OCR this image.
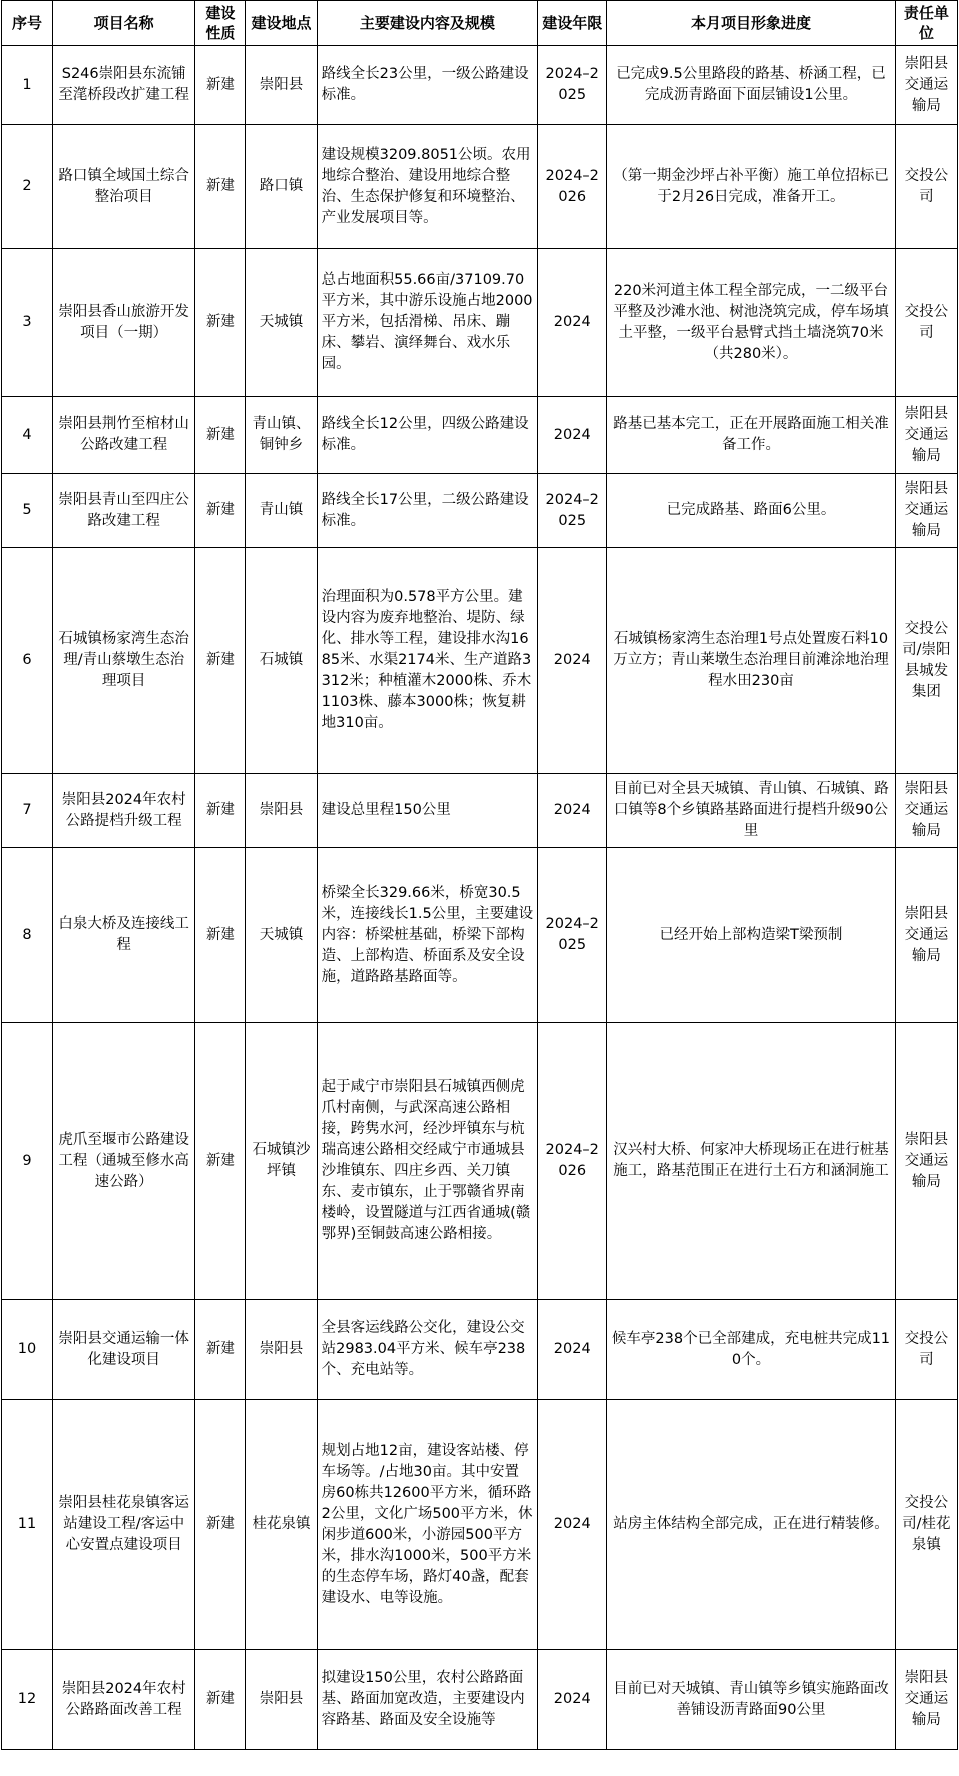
序号	项目名称	建设性质	建设地点	主要建设内容及规模	建设年限	本月项目形象进度	责任单位
1	S246崇阳县东流铺至滗桥段改扩建工程	新建	崇阳县	路线全长23公里，一级公路建设标准。	2024–2025	已完成9.5公里路段的路基、桥涵工程，已完成沥青路面下面层铺设1公里。	崇阳县交通运输局
2	路口镇全域国土综合整治项目	新建	路口镇	建设规模3209.8051公顷。农用地综合整治、建设用地综合整治、生态保护修复和环境整治、产业发展项目等。	2024–2026	（第一期金沙坪占补平衡）施工单位招标已于2月26日完成，准备开工。	交投公司
3	崇阳县香山旅游开发项目（一期）	新建	天城镇	总占地面积55.66亩/37109.70平方米，其中游乐设施占地2000平方米，包括滑梯、吊床、蹦床、攀岩、演绎舞台、戏水乐园。	2024	220米河道主体工程全部完成，一二级平台平整及沙滩水池、树池浇筑完成，停车场填土平整，一级平台悬臂式挡土墙浇筑70米（共280米）。	交投公司
4	崇阳县荆竹至棺材山公路改建工程	新建	青山镇、铜钟乡	路线全长12公里，四级公路建设标准。	2024	路基已基本完工，正在开展路面施工相关准备工作。	崇阳县交通运输局
5	崇阳县青山至四庄公路改建工程	新建	青山镇	路线全长17公里，二级公路建设标准。	2024–2025	已完成路基、路面6公里。	崇阳县交通运输局
6	石城镇杨家湾生态治理/青山蔡墩生态治理项目	新建	石城镇	治理面积为0.578平方公里。建设内容为废弃地整治、堤防、绿化、排水等工程，建设排水沟1685米、水渠2174米、生产道路3312米；种植灌木2000株、乔木1103株、藤本3000株；恢复耕地310亩。	2024	石城镇杨家湾生态治理1号点处置废石料10万立方；青山莱墩生态治理目前滩涂地治理程水田230亩	交投公司/崇阳县城发集团
7	崇阳县2024年农村公路提档升级工程	新建	崇阳县	建设总里程150公里	2024	目前已对全县天城镇、青山镇、石城镇、路口镇等8个乡镇路基路面进行提档升级90公里	崇阳县交通运输局
8	白泉大桥及连接线工程	新建	天城镇	桥梁全长329.66米，桥宽30.5米，连接线长1.5公里，主要建设内容：桥梁桩基础，桥梁下部构造、上部构造、桥面系及安全设施，道路路基路面等。	2024–2025	已经开始上部构造梁T梁预制	崇阳县交通运输局
9	虎爪至堰市公路建设工程（通城至修水高速公路）	新建	石城镇沙坪镇	起于咸宁市崇阳县石城镇西侧虎爪村南侧，与武深高速公路相接，跨隽水河，经沙坪镇东与杭瑞高速公路相交经咸宁市通城县沙堆镇东、四庄乡西、关刀镇东、麦市镇东，止于鄂赣省界南楼岭，设置隧道与江西省通城(赣鄂界)至铜鼓高速公路相接。	2024–2026	汉兴村大桥、何家冲大桥现场正在进行桩基施工，路基范围正在进行土石方和涵洞施工	崇阳县交通运输局
10	崇阳县交通运输一体化建设项目	新建	崇阳县	全县客运线路公交化，建设公交站2983.04平方米、候车亭238个、充电站等。	2024	候车亭238个已全部建成，充电桩共完成110个。	交投公司
11	崇阳县桂花泉镇客运站建设工程/客运中心安置点建设项目	新建	桂花泉镇	规划占地12亩，建设客站楼、停车场等。/占地30亩。其中安置房60栋共12600平方米，循环路2公里，文化广场500平方米，休闲步道600米，小游园500平方米，排水沟1000米，500平方米的生态停车场，路灯40盏，配套建设水、电等设施。	2024	站房主体结构全部完成，正在进行精装修。	交投公司/桂花泉镇
12	崇阳县2024年农村公路路面改善工程	新建	崇阳县	拟建设150公里，农村公路路面基、路面加宽改造，主要建设内容路基、路面及安全设施等	2024	目前已对天城镇、青山镇等乡镇实施路面改善铺设沥青路面90公里	崇阳县交通运输局
